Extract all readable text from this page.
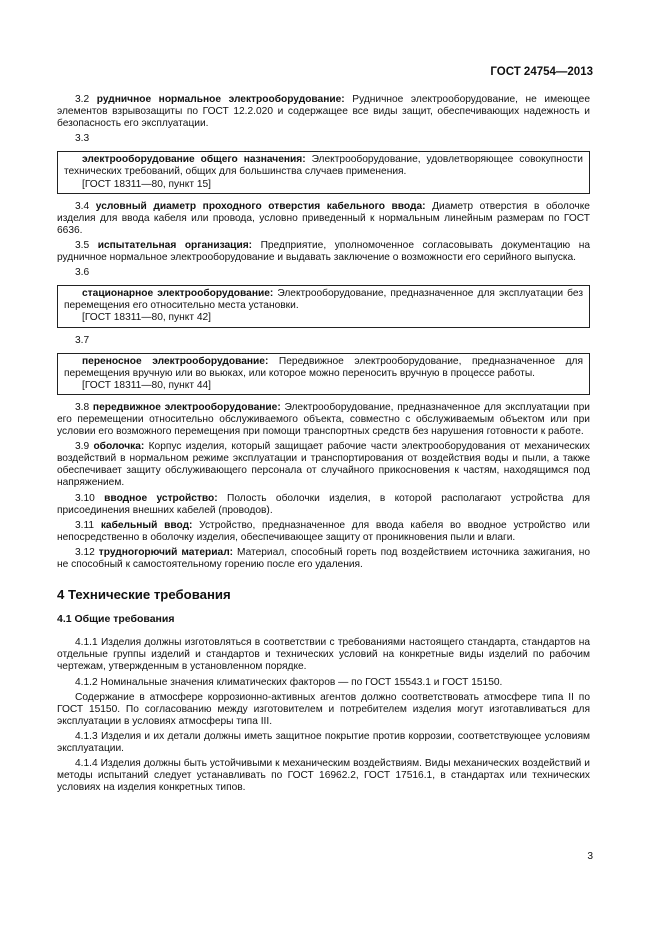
ГОСТ 24754—2013

3.2 рудничное нормальное электрооборудование: Рудничное электрооборудование, не имеющее элементов взрывозащиты по ГОСТ 12.2.020 и содержащее все виды защит, обеспечивающих надежность и безопасность его эксплуатации.

3.3

электрооборудование общего назначения: Электрооборудование, удовлетворяющее совокупности технических требований, общих для большинства случаев применения.

[ГОСТ 18311—80, пункт 15]

3.4 условный диаметр проходного отверстия кабельного ввода: Диаметр отверстия в оболочке изделия для ввода кабеля или провода, условно приведенный к нормальным линейным размерам по ГОСТ 6636.

3.5 испытательная организация: Предприятие, уполномоченное согласовывать документацию на рудничное нормальное электрооборудование и выдавать заключение о возможности его серийного выпуска.

3.6

стационарное электрооборудование: Электрооборудование, предназначенное для эксплуатации без перемещения его относительно места установки.

[ГОСТ 18311—80, пункт 42]

3.7

переносное электрооборудование: Передвижное электрооборудование, предназначенное для перемещения вручную или во вьюках, или которое можно переносить вручную в процессе работы.

[ГОСТ 18311—80, пункт 44]

3.8 передвижное электрооборудование: Электрооборудование, предназначенное для эксплуатации при его перемещении относительно обслуживаемого объекта, совместно с обслуживаемым объектом или при условии его возможного перемещения при помощи транспортных средств без нарушения готовности к работе.

3.9 оболочка: Корпус изделия, который защищает рабочие части электрооборудования от механических воздействий в нормальном режиме эксплуатации и транспортирования от воздействия воды и пыли, а также обеспечивает защиту обслуживающего персонала от случайного прикосновения к частям, находящимся под напряжением.

3.10 вводное устройство: Полость оболочки изделия, в которой располагают устройства для присоединения внешних кабелей (проводов).

3.11 кабельный ввод: Устройство, предназначенное для ввода кабеля во вводное устройство или непосредственно в оболочку изделия, обеспечивающее защиту от проникновения пыли и влаги.

3.12 трудногорючий материал: Материал, способный гореть под воздействием источника зажигания, но не способный к самостоятельному горению после его удаления.

4 Технические требования
4.1 Общие требования

4.1.1 Изделия должны изготовляться в соответствии с требованиями настоящего стандарта, стандартов на отдельные группы изделий и стандартов и технических условий на конкретные виды изделий по рабочим чертежам, утвержденным в установленном порядке.

4.1.2 Номинальные значения климатических факторов — по ГОСТ 15543.1 и ГОСТ 15150.

Содержание в атмосфере коррозионно-активных агентов должно соответствовать атмосфере типа II по ГОСТ 15150. По согласованию между изготовителем и потребителем изделия могут изготавливаться для эксплуатации в условиях атмосферы типа III.

4.1.3 Изделия и их детали должны иметь защитное покрытие против коррозии, соответствующее условиям эксплуатации.

4.1.4 Изделия должны быть устойчивыми к механическим воздействиям. Виды механических воздействий и методы испытаний следует устанавливать по ГОСТ 16962.2, ГОСТ 17516.1, в стандартах или технических условиях на изделия конкретных типов.

3
